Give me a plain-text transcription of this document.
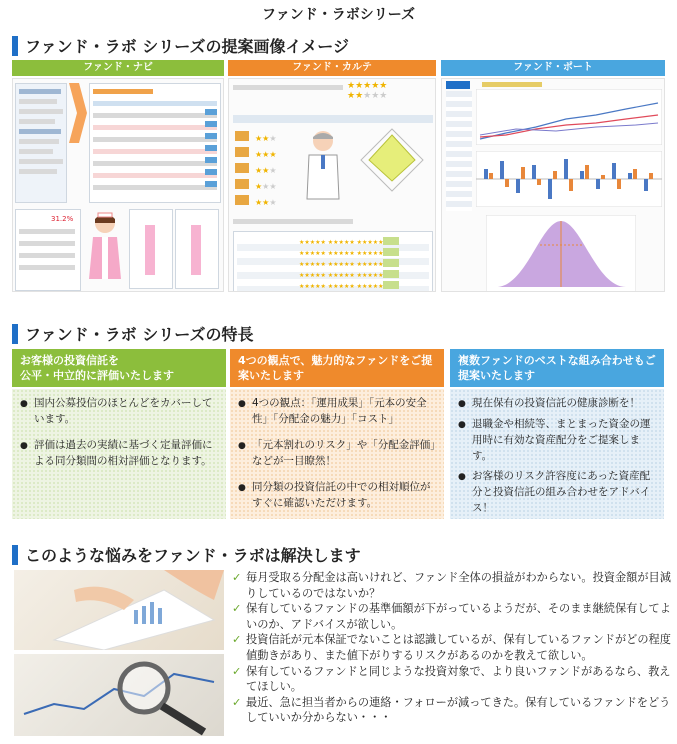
ファンド・ラボシリーズ
ファンド・ラボ シリーズの提案画像イメージ
ファンド・ナビ
31.2%
ファンド・カルテ
★★★★★
★★★★★
★★★
★★★
★★★
★★★
★★★
★★★★★ ★★★★★ ★★★★★
★★★★★ ★★★★★ ★★★★★
★★★★★ ★★★★★ ★★★★★
★★★★★ ★★★★★ ★★★★★
★★★★★ ★★★★★ ★★★★★
ファンド・ポート
ファンド・ラボ シリーズの特長
お客様の投資信託を
公平・中立的に評価いたします
● 国内公募投信のほとんどをカバーしています。
● 評価は過去の実績に基づく定量評価による同分類間の相対評価となります。
4つの観点で、魅力的なファンドをご提案いたします
● 4つの観点：「運用成果」「元本の安全性」「分配金の魅力」「コスト」
● 「元本割れのリスク」や「分配金評価」などが一目瞭然！
● 同分類の投資信託の中での相対順位がすぐに確認いただけます。
複数ファンドのベストな組み合わせもご提案いたします
● 現在保有の投資信託の健康診断を！
● 退職金や相続等、まとまった資金の運用時に有効な資産配分をご提案します。
● お客様のリスク許容度にあった資産配分と投資信託の組み合わせをアドバイス！
このような悩みをファンド・ラボは解決します
✓ 毎月受取る分配金は高いけれど、ファンド全体の損益がわからない。投資金額が目減りしているのではないか？
✓ 保有しているファンドの基準価額が下がっているようだが、そのまま継続保有してよいのか、アドバイスが欲しい。
✓ 投資信託が元本保証でないことは認識しているが、保有しているファンドがどの程度値動きがあり、また値下がりするリスクがあるのかを教えて欲しい。
✓ 保有しているファンドと同じような投資対象で、より良いファンドがあるなら、教えてほしい。
✓ 最近、急に担当者からの連絡・フォローが減ってきた。保有しているファンドをどうしていいか分からない・・・
